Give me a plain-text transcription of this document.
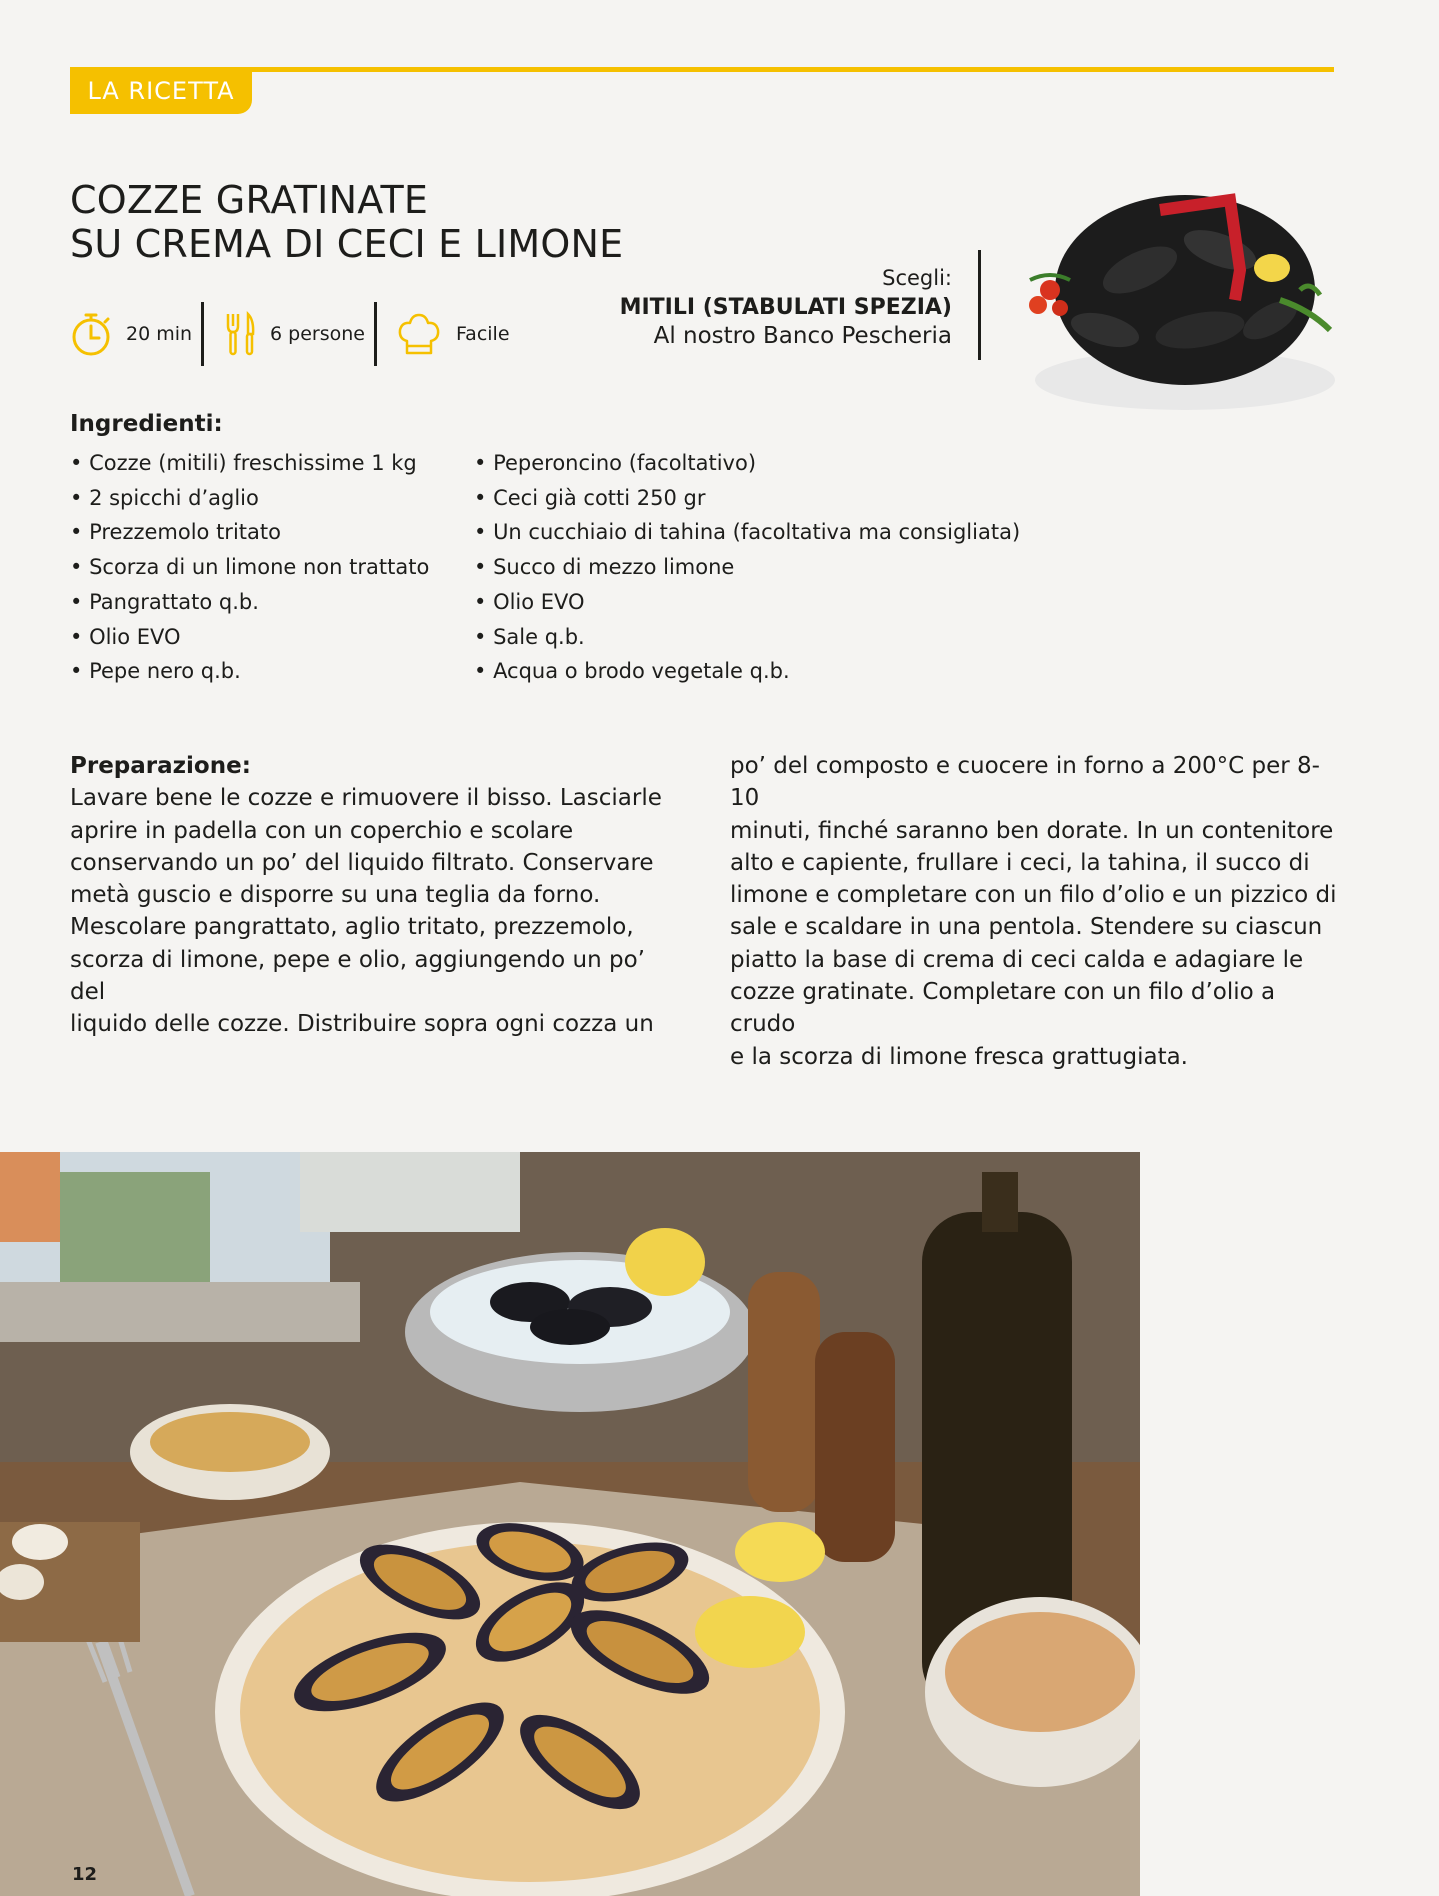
LA RICETTA
COZZE GRATINATE
SU CREMA DI CECI E LIMONE
20 min	6 persone	Facile
Scegli:
MITILI (STABULATI SPEZIA)
Al nostro Banco Pescheria
Ingredienti:
• Cozze (mitili) freschissime 1 kg
• 2 spicchi d’aglio
• Prezzemolo tritato
• Scorza di un limone non trattato
• Pangrattato q.b.
• Olio EVO
• Pepe nero q.b.
• Peperoncino (facoltativo)
• Ceci già cotti 250 gr
• Un cucchiaio di tahina (facoltativa ma consigliata)
• Succo di mezzo limone
• Olio EVO
• Sale q.b.
• Acqua o brodo vegetale q.b.
Preparazione:
Lavare bene le cozze e rimuovere il bisso. Lasciarle
aprire in padella con un coperchio e scolare
conservando un po’ del liquido filtrato. Conservare
metà guscio e disporre su una teglia da forno.
Mescolare pangrattato, aglio tritato, prezzemolo,
scorza di limone, pepe e olio, aggiungendo un po’ del
liquido delle cozze. Distribuire sopra ogni cozza un
po’ del composto e cuocere in forno a 200°C per 8-10
minuti, finché saranno ben dorate. In un contenitore
alto e capiente, frullare i ceci, la tahina, il succo di
limone e completare con un filo d’olio e un pizzico di
sale e scaldare in una pentola. Stendere su ciascun
piatto la base di crema di ceci calda e adagiare le
cozze gratinate. Completare con un filo d’olio a crudo
e la scorza di limone fresca grattugiata.
12
